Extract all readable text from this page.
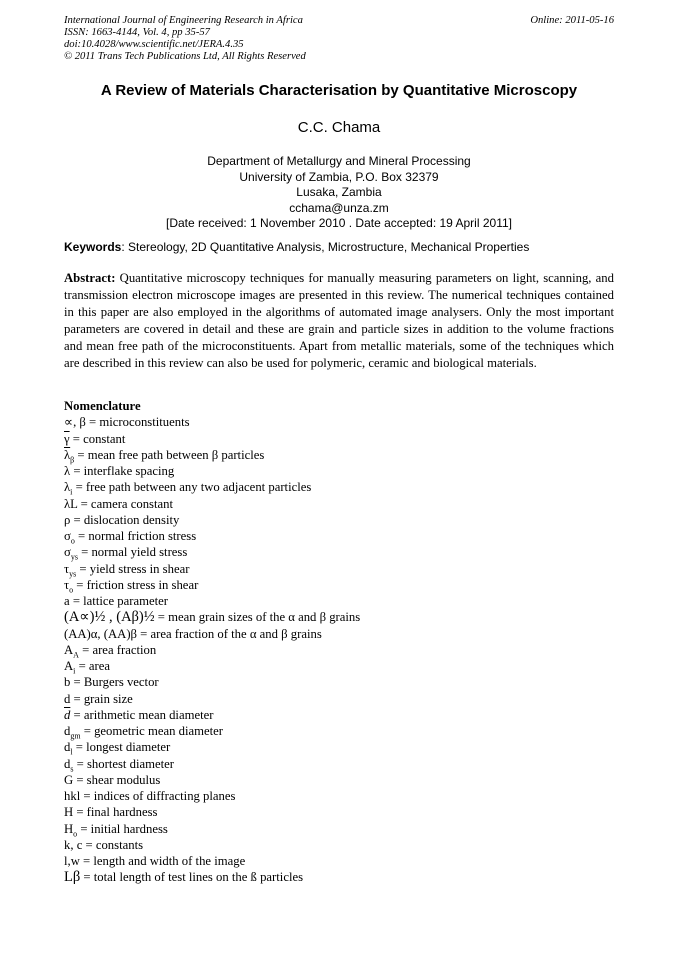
International Journal of Engineering Research in Africa
ISSN: 1663-4144, Vol. 4, pp 35-57
doi:10.4028/www.scientific.net/JERA.4.35
© 2011 Trans Tech Publications Ltd, All Rights Reserved
Online: 2011-05-16
A Review of Materials Characterisation by Quantitative Microscopy
C.C. Chama
Department of Metallurgy and Mineral Processing
University of Zambia, P.O. Box 32379
Lusaka, Zambia
cchama@unza.zm
[Date received: 1 November 2010 . Date accepted: 19 April 2011]
Keywords: Stereology, 2D Quantitative Analysis, Microstructure, Mechanical Properties
Abstract: Quantitative microscopy techniques for manually measuring parameters on light, scanning, and transmission electron microscope images are presented in this review. The numerical techniques contained in this paper are also employed in the algorithms of automated image analysers. Only the most important parameters are covered in detail and these are grain and particle sizes in addition to the volume fractions and mean free path of the microconstituents. Apart from metallic materials, some of the techniques which are described in this review can also be used for polymeric, ceramic and biological materials.
Nomenclature
∝, β = microconstituents
$\overline{\gamma}$ = constant
$\overline{\lambda}_\beta$ = mean free path between β particles
λ = interflake spacing
$\lambda_i$ = free path between any two adjacent particles
λL = camera constant
ρ = dislocation density
$\sigma_o$ = normal friction stress
$\sigma_{ys}$ = normal yield stress
$\tau_{ys}$ = yield stress in shear
$\tau_o$ = friction stress in shear
a = lattice parameter
(A∝)½ , (Aβ)½ = mean grain sizes of the α and β grains
(AA)α, (AA)β = area fraction of the α and β grains
$A_A$ = area fraction
$A_i$ = area
b = Burgers vector
d = grain size
$\overline{d}$ = arithmetic mean diameter
$d_{gm}$ = geometric mean diameter
$d_l$ = longest diameter
$d_s$ = shortest diameter
G = shear modulus
hkl = indices of diffracting planes
H = final hardness
$H_o$ = initial hardness
k, c = constants
l,w = length and width of the image
Lβ = total length of test lines on the ß particles
